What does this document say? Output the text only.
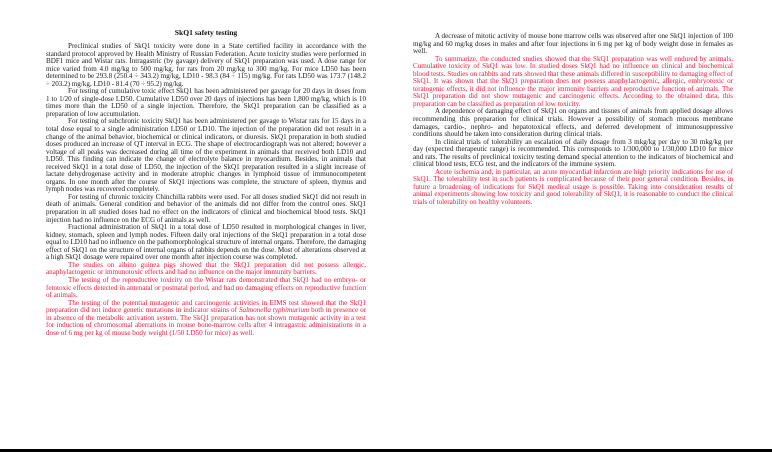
SkQ1 safety testing

Preclinical studies of SkQ1 toxicity were done in a State certified facility in accordance with the standard protocol approved by Health Ministry of Russian Federation. Acute toxicity studies were performed in BDF1 mice and Wistar rats. Intragastric (by gavage) delivery of SkQ1 preparation was used. A dose range for mice varied from 4.0 mg/kg to 500 mg/kg, for rats from 20 mg/kg to 300 mg/kg. For mice LD50 has been determined to be 293.8 (250.4 ÷ 343.2) mg/kg, LD10 - 98.3 (84 ÷ 115) mg/kg. For rats LD50 was 173.7 (148.2 ÷ 203.2) mg/kg, LD10 - 81.4 (70 ÷ 95.2) mg/kg.

For testing of cumulative toxic effect SkQ1 has been administered per gavage for 20 days in doses from 1 to 1/20 of single-dose LD50. Cumulative LD50 over 20 days of injections has been 1,800 mg/kg, which is 10 times more than the LD50 of a single injection. Therefore, the SkQ1 preparation can be classified as a preparation of low accumulation.

For testing of subchronic toxicity SkQ1 has been administered per gavage to Wistar rats for 15 days in a total dose equal to a single administration LD50 or LD10. The injection of the preparation did not result in a change of the animal behavior, biochemical or clinical indicators, or diuresis. SkQ1 preparation in both studied doses produced an increase of QT interval in ECG. The shape of electrocardiograph was not altered; however a voltage of all peaks was decreased during all time of the experiment in animals that received both LD10 and LD50. This finding can indicate the change of electrolyte balance in myocardium. Besides, in animals that received SkQ1 in a total dose of LD50, the injection of the SkQ1 preparation resulted in a slight increase of lactate dehydrogenase activity and in moderate atrophic changes in lymphoid tissue of immunocompetent organs. In one month after the course of SkQ1 injections was complete, the structure of spleen, thymus and lymph nodes was recovered completely.

For testing of chronic toxicity Chinchilla rabbits were used. For all doses studied SkQ1 did not result in death of animals. General condition and behavior of the animals did not differ from the control ones. SkQ1 preparation in all studied doses had no effect on the indicators of clinical and biochemical blood tests. SkQ1 injection had no influence on the ECG of animals as well.

Fractional administration of SkQ1 in a total dose of LD50 resulted in morphological changes in liver, kidney, stomach, spleen and lymph nodes. Fifteen daily oral injections of the SkQ1 preparation in a total dose equal to LD10 had no influence on the pathomorphological structure of internal organs. Therefore, the damaging effect of SkQ1 on the structure of internal organs of rabbits depends on the dose. Most of alterations observed at a high SkQ1 dosage were repaired over one month after injection course was completed.

The studies on albino guinea pigs showed that the SkQ1 preparation did not possess allergic, anaphylactogenic or immunotoxic effects and had no influence on the major immunity barriers.

The testing of the reproductive toxicity on the Wistar rats demonstrated that SkQ1 had no embryo- or fetotoxic effects detected in antenatal or postnatal period, and had no damaging effects on reproductive function of animals.

The testing of the potential mutagenic and carcinogenic activities in EIMS test showed that the SkQ1 preparation did not induce genetic mutations in indicator strains of Salmonella typhimurium both in presence or in absence of the metabolic activation system. The SkQ1 preparation has not shown mutagenic activity in a test for induction of chromosomal aberrations in mouse bone-marrow cells after 4 intragastric administrations in a dose of 6 mg per kg of mouse body weight (1/50 LD50 for mice) as well.

A decrease of mitotic activity of mouse bone marrow cells was observed after one SkQ1 injection of 100 mg/kg and 60 mg/kg doses in males and after four injections in 6 mg per kg of body weight dose in females as well.

To summarize, the conducted studies showed that the SkQ1 preparation was well endured by animals. Cumulative toxicity of SkQ1 was low. In studied doses SkQ1 had no influence on clinical and biochemical blood tests. Studies on rabbits and rats showed that these animals differed in susceptibility to damaging effect of SkQ1. It was shown that the SkQ1 preparation does not possess anaphylactogenic, allergic, embryotoxic or teratogenic effects, it did not influence the major immunity barriers and reproductive function of animals. The SkQ1 preparation did not show mutagenic and carcinogenic effects. According to the obtained data, this preparation can be classified as preparation of low toxicity.

A dependence of damaging effect of SkQ1 on organs and tissues of animals from applied dosage allows recommending this preparation for clinical trials. However a possibility of stomach mucous membrane damages, cardio-, nephro- and hepatotoxical effects, and deferred development of immunosuppressive conditions should be taken into consideration during clinical trials.

In clinical trials of tolerability an escalation of daily dosage from 3 mkg/kg per day to 30 mkg/kg per day (expected therapeutic range) is recommended. This corresponds to 1/300,000 to 1/30,000 LD10 for mice and rats. The results of preclinical toxicity testing demand special attention to the indicators of biochemical and clinical blood tests, ECG test, and the indicators of the immune system.

Acute ischemia and, in particular, an acute myocardial infarction are high priority indications for use of SkQ1. The tolerability test in such patients is complicated because of their poor general condition. Besides, in future a broadening of indications for SkQ1 medical usage is possible. Taking into consideration results of animal experiments showing low toxicity and good tolerability of SkQ1, it is reasonable to conduct the clinical trials of tolerability on healthy volunteers.
